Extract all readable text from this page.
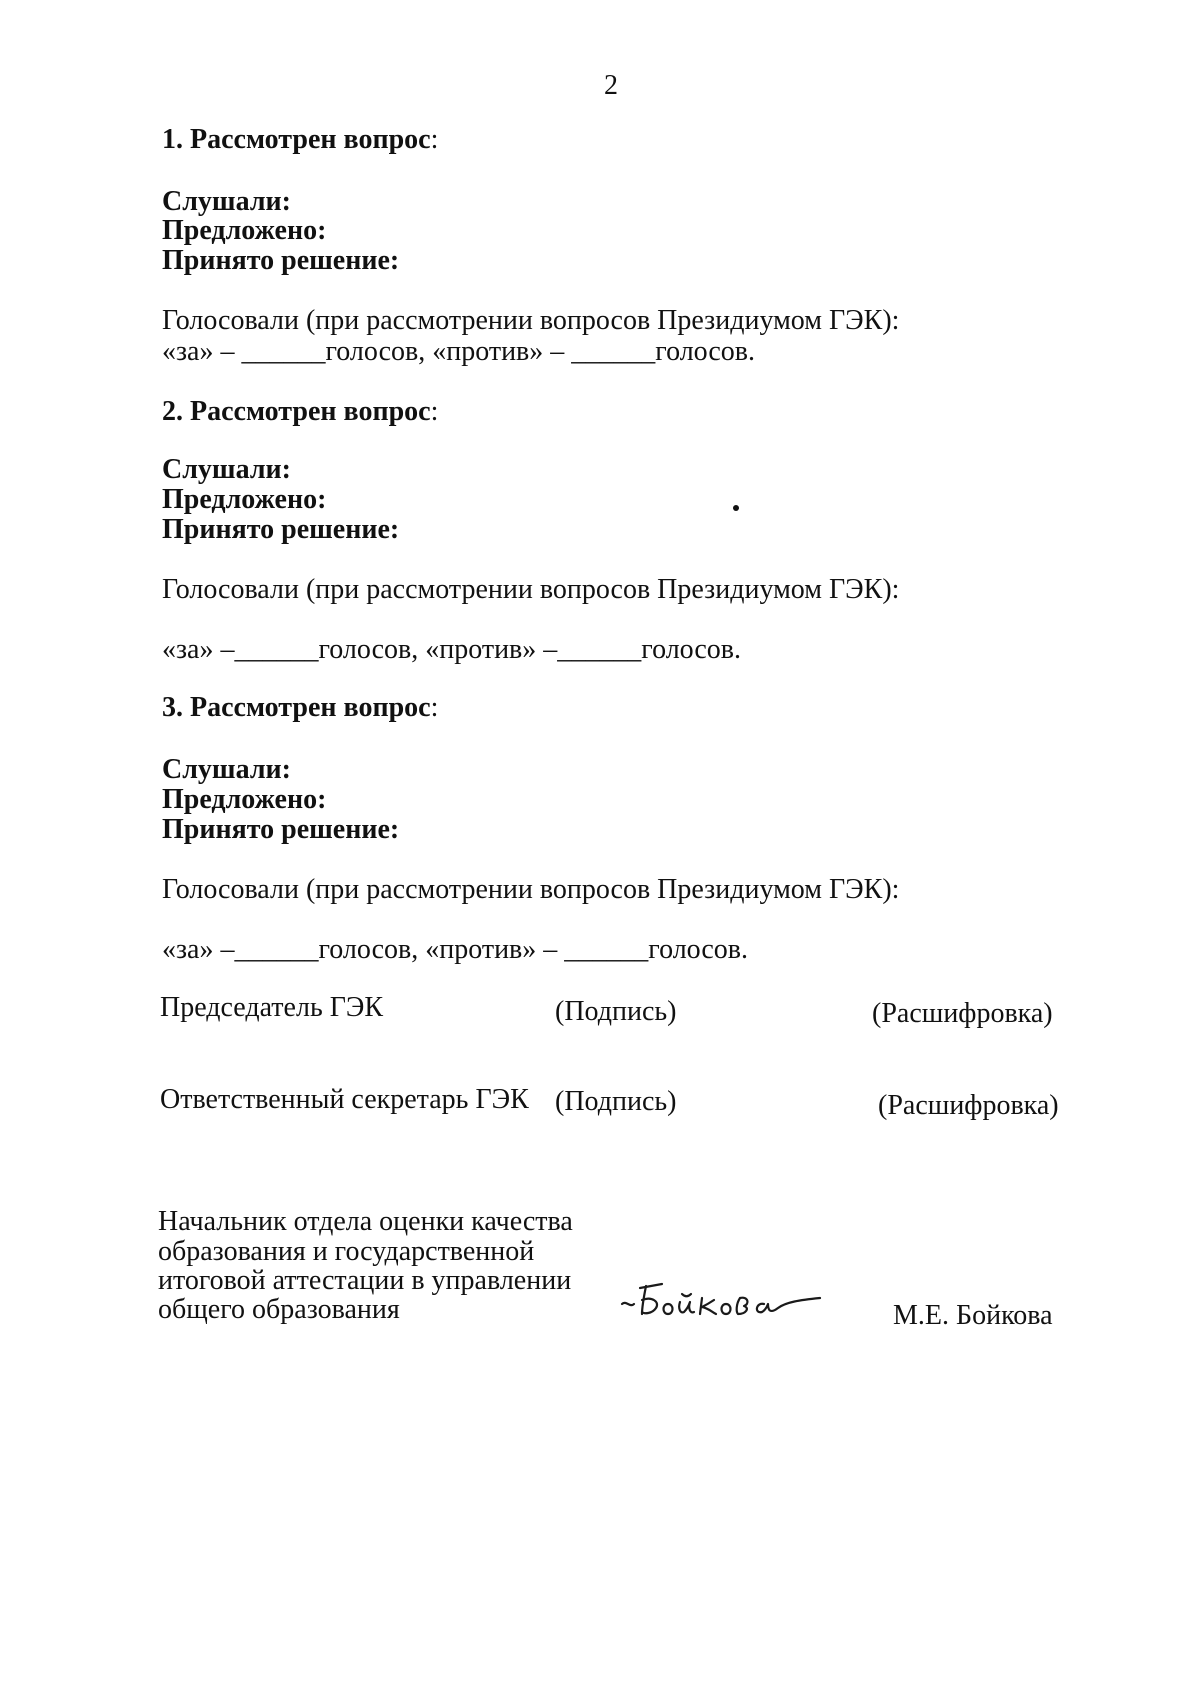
2
1. Рассмотрен вопрос:
Слушали:
Предложено:
Принято решение:
Голосовали (при рассмотрении вопросов Президиумом ГЭК):
«за» – ______голосов, «против» – ______голосов.
2. Рассмотрен вопрос:
Слушали:
Предложено:
Принято решение:
Голосовали (при рассмотрении вопросов Президиумом ГЭК):
«за» –______голосов, «против» –______голосов.
3. Рассмотрен вопрос:
Слушали:
Предложено:
Принято решение:
Голосовали (при рассмотрении вопросов Президиумом ГЭК):
«за» –______голосов, «против» – ______голосов.
Председатель ГЭК	(Подпись)	(Расшифровка)
Ответственный секретарь ГЭК (Подпись)	(Расшифровка)
Начальник отдела оценки качества
образования и государственной
итоговой аттестации в управлении
общего образования	М.Е. Бойкова
